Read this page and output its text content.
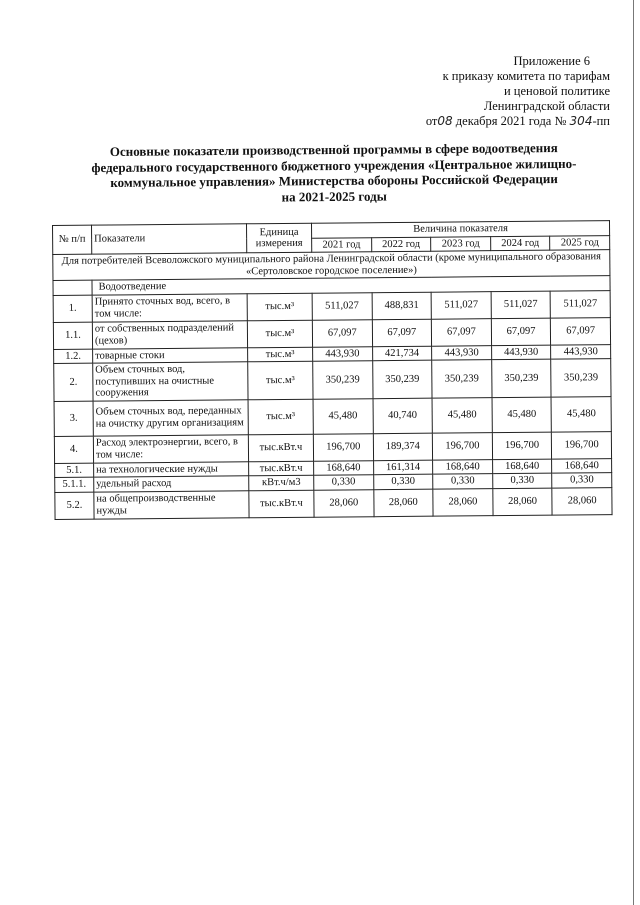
Приложение 6
к приказу комитета по тарифам
и ценовой политике
Ленинградской области
от08 декабря 2021 года № 304-пп
Основные показатели производственной программы в сфере водоотведения
федерального государственного бюджетного учреждения «Центральное жилищно-
коммунальное управления» Министерства обороны Российской Федерации
на 2021-2025 годы
№ п/п	Показатели	Единица измерения	Величина показателя				
			2021 год	2022 год	2023 год	2024 год	2025 год
Для потребителей Всеволожского муниципального района Ленинградской области (кроме муниципального образования «Сертоловское городское поселение»)							
	Водоотведение						
1.	Принято сточных вод, всего, в том числе:	тыс.м³	511,027	488,831	511,027	511,027	511,027
1.1.	от собственных подразделений (цехов)	тыс.м³	67,097	67,097	67,097	67,097	67,097
1.2.	товарные стоки	тыс.м³	443,930	421,734	443,930	443,930	443,930
2.	Объем сточных вод, поступивших на очистные сооружения	тыс.м³	350,239	350,239	350,239	350,239	350,239
3.	Объем сточных вод, переданных на очистку другим организациям	тыс.м³	45,480	40,740	45,480	45,480	45,480
4.	Расход электроэнергии, всего, в том числе:	тыс.кВт.ч	196,700	189,374	196,700	196,700	196,700
5.1.	на технологические нужды	тыс.кВт.ч	168,640	161,314	168,640	168,640	168,640
5.1.1.	удельный расход	кВт.ч/м3	0,330	0,330	0,330	0,330	0,330
5.2.	на общепроизводственные нужды	тыс.кВт.ч	28,060	28,060	28,060	28,060	28,060
